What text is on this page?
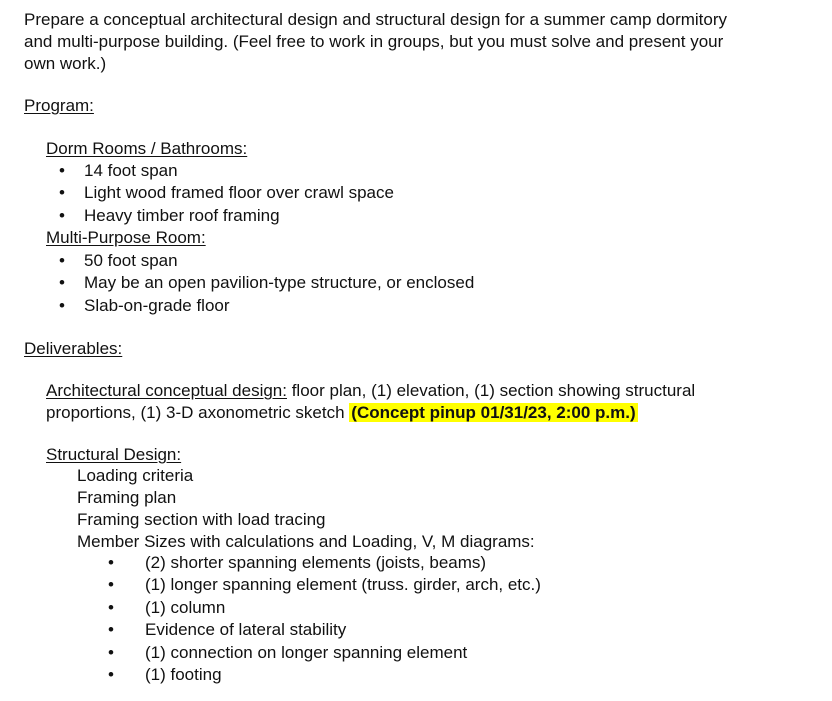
Prepare a conceptual architectural design and structural design for a summer camp dormitory

and multi-purpose building. (Feel free to work in groups, but you must solve and present your

own work.)

Program:
Dorm Rooms / Bathrooms:
• 14 foot span
• Light wood framed floor over crawl space
• Heavy timber roof framing
Multi-Purpose Room:
• 50 foot span
• May be an open pavilion-type structure, or enclosed
• Slab-on-grade floor
Deliverables:
Architectural conceptual design: floor plan, (1) elevation, (1) section showing structural
proportions, (1) 3-D axonometric sketch (Concept pinup 01/31/23, 2:00 p.m.)
Structural Design:
Loading criteria
Framing plan
Framing section with load tracing
Member Sizes with calculations and Loading, V, M diagrams:
• (2) shorter spanning elements (joists, beams)
• (1) longer spanning element (truss. girder, arch, etc.)
• (1) column
• Evidence of lateral stability
• (1) connection on longer spanning element
• (1) footing
